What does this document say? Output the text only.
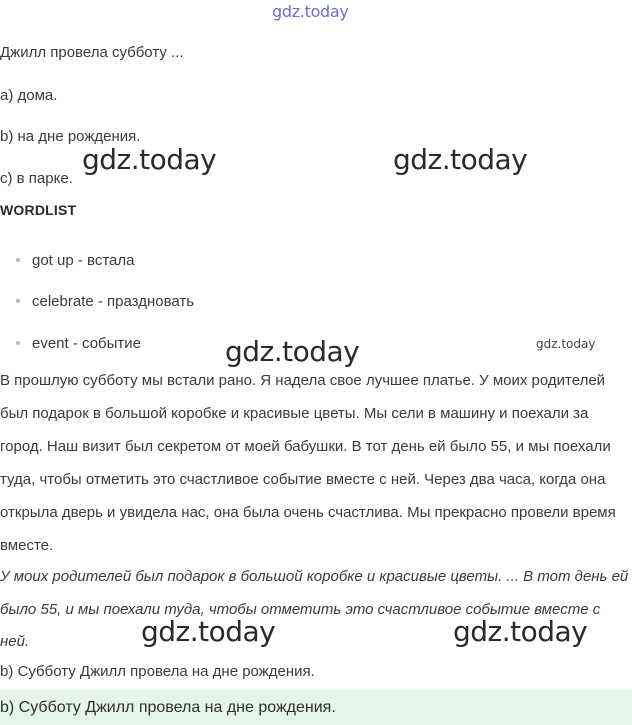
gdz.today
Джилл провела субботу ...
a) дома.
b) на дне рождения.
c) в парке.
WORDLIST
got up - встала
celebrate - праздновать
event - событие
В прошлую субботу мы встали рано. Я надела свое лучшее платье. У моих родителей был подарок в большой коробке и красивые цветы. Мы сели в машину и поехали за город. Наш визит был секретом от моей бабушки. В тот день ей было 55, и мы поехали туда, чтобы отметить это счастливое событие вместе с ней. Через два часа, когда она открыла дверь и увидела нас, она была очень счастлива. Мы прекрасно провели время вместе.
У моих родителей был подарок в большой коробке и красивые цветы. ... В тот день ей было 55, и мы поехали туда, чтобы отметить это счастливое событие вместе с ней.
b) Субботу Джилл провела на дне рождения.
b) Субботу Джилл провела на дне рождения.
gdz.today	gdz.today
gdz.today	gdz.today
gdz.today	gdz.today
